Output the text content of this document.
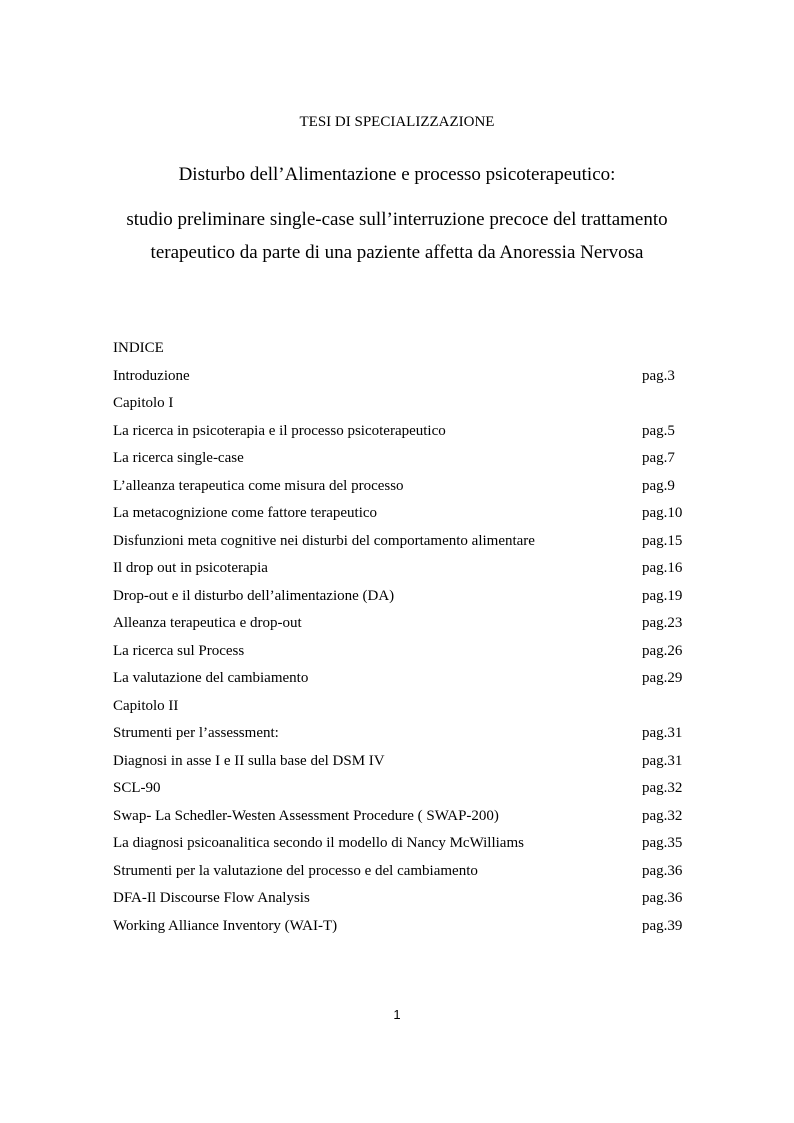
TESI DI SPECIALIZZAZIONE
Disturbo dell’Alimentazione e processo psicoterapeutico:
studio preliminare single-case sull’interruzione precoce del trattamento
terapeutico da parte di una paziente affetta da Anoressia Nervosa
INDICE
Introduzione	pag.3
Capitolo I
La ricerca in psicoterapia e il processo psicoterapeutico	pag.5
La ricerca single-case	pag.7
L’alleanza terapeutica come misura del processo	pag.9
La metacognizione come fattore terapeutico	pag.10
Disfunzioni meta cognitive nei disturbi del comportamento alimentare	pag.15
Il drop out in psicoterapia	pag.16
Drop-out e il disturbo dell’alimentazione (DA)	pag.19
Alleanza terapeutica e drop-out	pag.23
La ricerca sul Process	pag.26
La valutazione del cambiamento	pag.29
Capitolo II
Strumenti per l’assessment:	pag.31
Diagnosi in asse I e II sulla base del DSM IV	pag.31
SCL-90	pag.32
Swap- La Schedler-Westen Assessment Procedure ( SWAP-200)	pag.32
La diagnosi psicoanalitica secondo il modello di Nancy McWilliams	pag.35
Strumenti per la valutazione del processo e del cambiamento	pag.36
DFA-Il Discourse Flow Analysis	pag.36
Working Alliance Inventory (WAI-T)	pag.39
1
